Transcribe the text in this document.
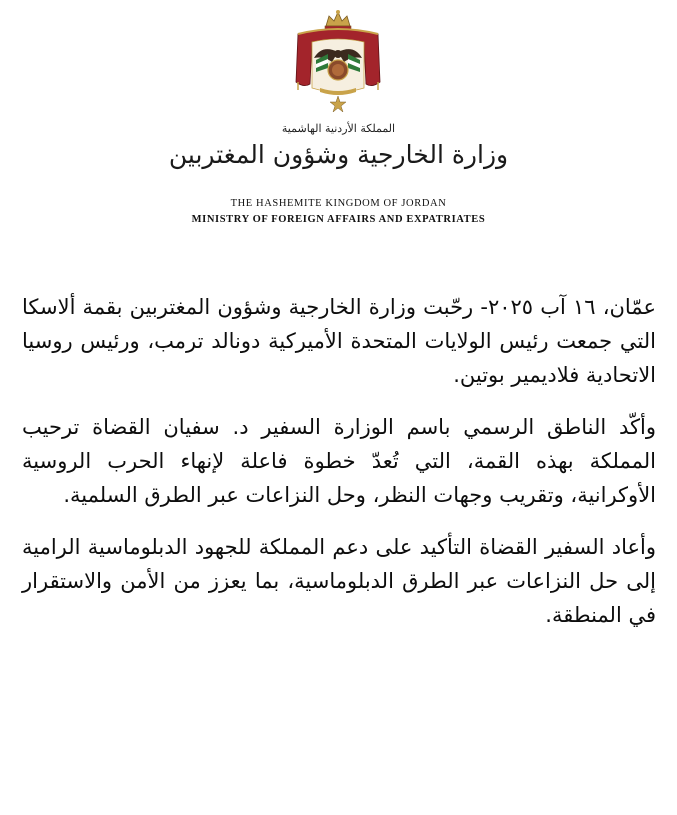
المملكة الأردنية الهاشمية
وزارة الخارجية وشؤون المغتربين
THE HASHEMITE KINGDOM OF JORDAN
MINISTRY OF FOREIGN AFFAIRS AND EXPATRIATES

عمّان، ١٦ آب ٢٠٢٥- رحّبت وزارة الخارجية وشؤون المغتربين بقمة ألاسكا التي جمعت رئيس الولايات المتحدة الأميركية دونالد ترمب، ورئيس روسيا الاتحادية فلاديمير بوتين.

وأكّد الناطق الرسمي باسم الوزارة السفير د. سفيان القضاة ترحيب المملكة بهذه القمة، التي تُعدّ خطوة فاعلة لإنهاء الحرب الروسية الأوكرانية، وتقريب وجهات النظر، وحل النزاعات عبر الطرق السلمية.

وأعاد السفير القضاة التأكيد على دعم المملكة للجهود الدبلوماسية الرامية إلى حل النزاعات عبر الطرق الدبلوماسية، بما يعزز من الأمن والاستقرار في المنطقة.
